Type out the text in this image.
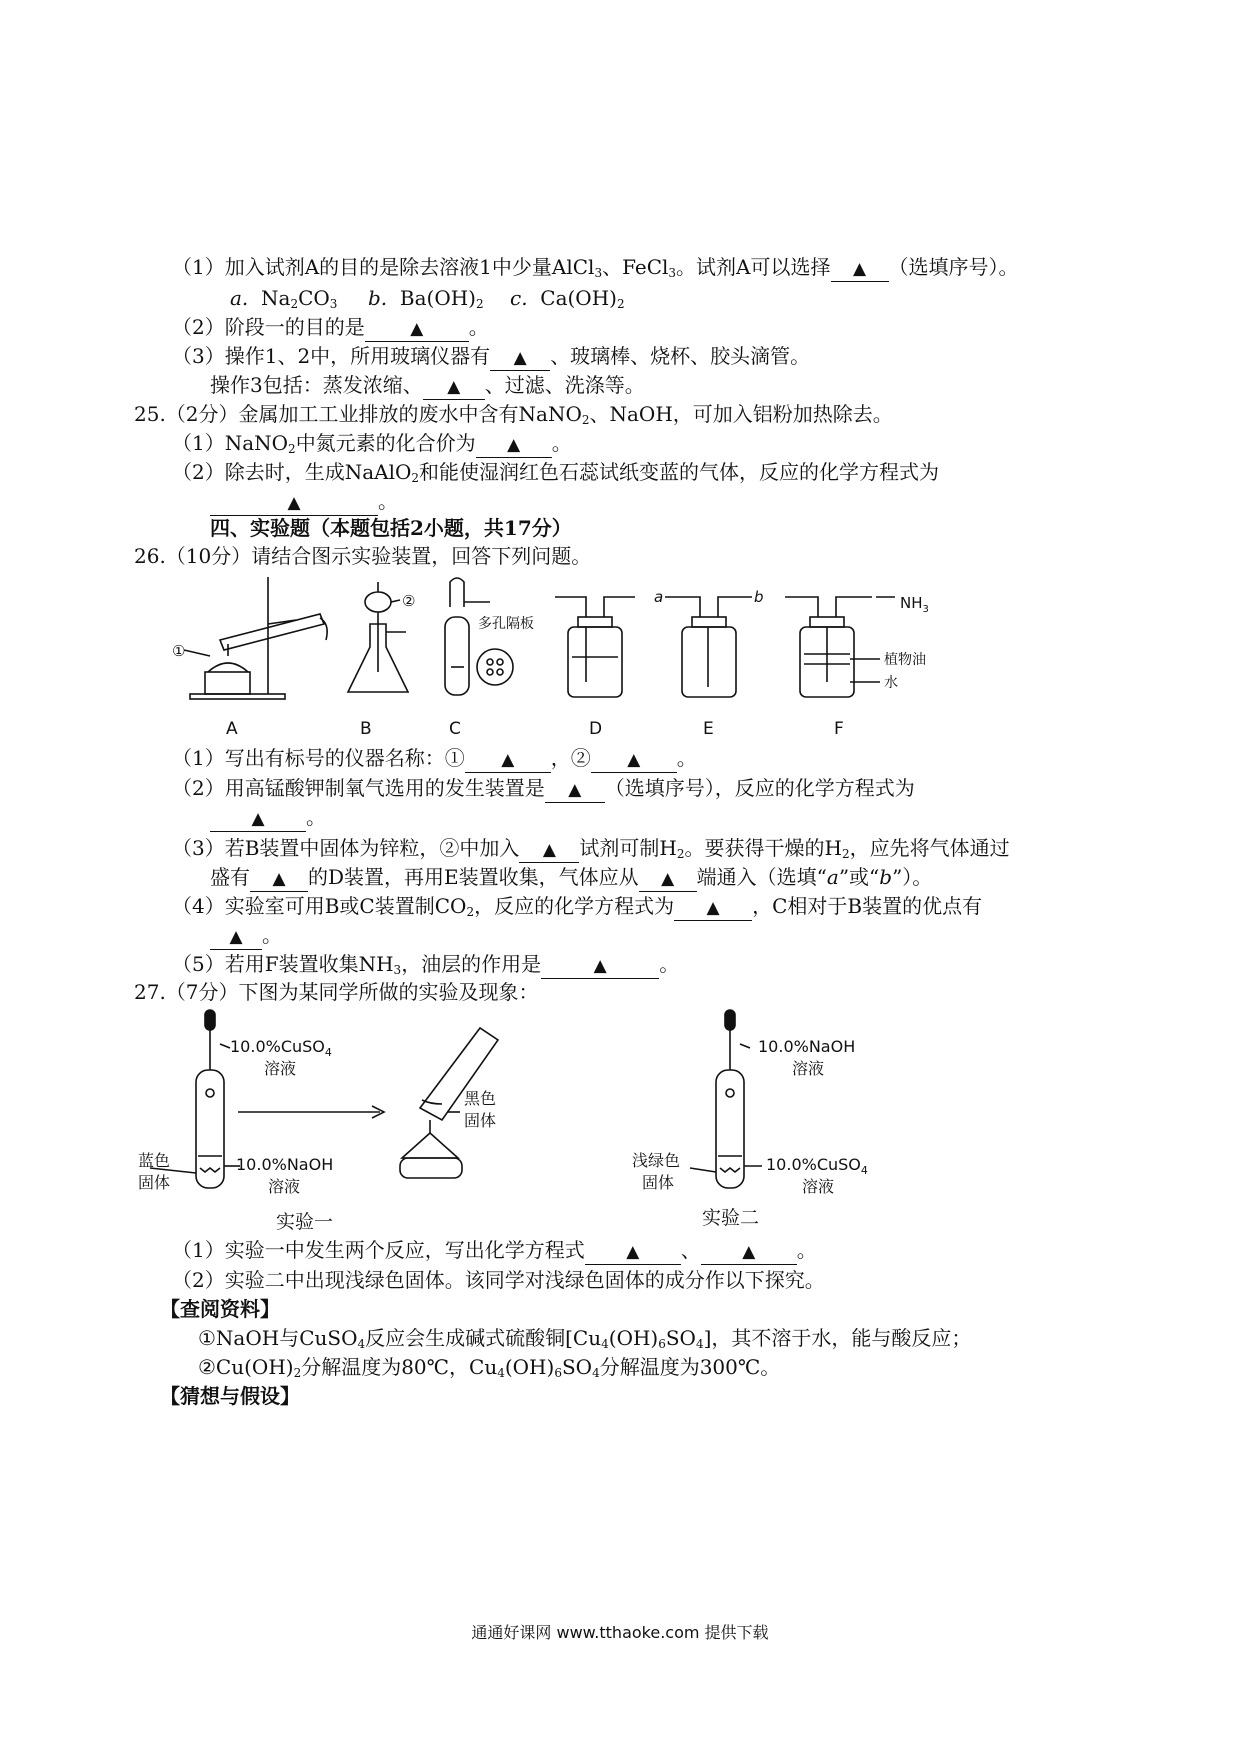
（1）加入试剂A的目的是除去溶液1中少量AlCl$_3$、FeCl$_3$。试剂A可以选择 ▲ （选填序号）。
a. $Na_2CO_3$ b. $Ba(OH)_2$ c. $Ca(OH)_2$
（2）阶段一的目的是	▲ 。
（3）操作1、2中，所用玻璃仪器有 ▲ 、玻璃棒、烧杯、胶头滴管。
操作3包括：蒸发浓缩、 ▲ 、过滤、洗涤等。
25.（2分）金属加工工业排放的废水中含有NaNO$_2$、NaOH，可加入铝粉加热除去。
（1）NaNO$_2$中氮元素的化合价为 ▲ 。
（2）除去时，生成NaAlO$_2$和能使湿润红色石蕊试纸变蓝的气体，反应的化学方程式为
▲	。
四、实验题（本题包括2小题，共17分）
26.（10分）请结合图示实验装置，回答下列问题。
①
②
多孔隔板
a	b	$NH_3$
植物油
水
A	B	C	D	E	F
（1）写出有标号的仪器名称：① ▲ ，② ▲ 。
（2）用高锰酸钾制氧气选用的发生装置是 ▲ （选填序号），反应的化学方程式为
▲ 。
（3）若B装置中固体为锌粒，②中加入 ▲ 试剂可制$H_2$。要获得干燥的$H_2$，应先将气体通过
盛有 ▲ 的D装置，再用E装置收集，气体应从 ▲ 端通入（选填“a”或“b”）。
（4）实验室可用B或C装置制$CO_2$，反应的化学方程式为 ▲ ，C相对于B装置的优点有
▲ 。
（5）若用F装置收集$NH_3$，油层的作用是	▲	。
27.（7分）下图为某同学所做的实验及现象：
10.0%CuSO$_4$
溶液
10.0%NaOH
溶液
蓝色
固体
黑色
固体
实验一
10.0%NaOH
溶液
浅绿色
固体
10.0%CuSO$_4$
溶液
实验二
（1）实验一中发生两个反应，写出化学方程式 ▲ 、 ▲ 。
（2）实验二中出现浅绿色固体。该同学对浅绿色固体的成分作以下探究。
【查阅资料】
①NaOH与CuSO$_4$反应会生成碱式硫酸铜$[Cu_4(OH)_6SO_4]$，其不溶于水，能与酸反应；
$②Cu(OH)_2$分解温度为80℃，$Cu_4(OH)_6SO_4$分解温度为300℃。
【猜想与假设】
通通好课网 www.tthaoke.com 提供下载
